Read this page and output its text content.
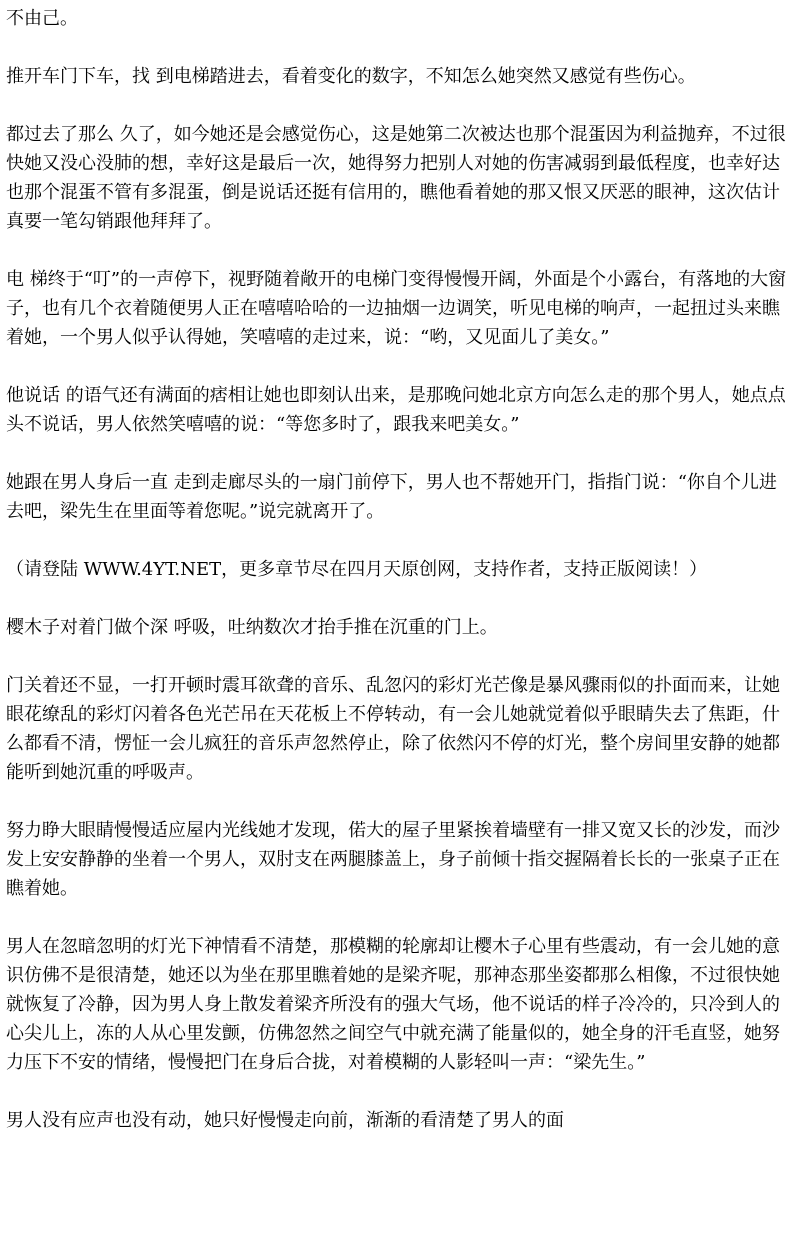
不由己。

推开车门下车，找 到电梯踏进去，看着变化的数字，不知怎么她突然又感觉有些伤心。

都过去了那么 久了，如今她还是会感觉伤心，这是她第二次被达也那个混蛋因为利益抛弃，不过很快她又没心没肺的想，幸好这是最后一次，她得努力把别人对她的伤害减弱到最低程度，也幸好达也那个混蛋不管有多混蛋，倒是说话还挺有信用的，瞧他看着她的那又恨又厌恶的眼神，这次估计真要一笔勾销跟他拜拜了。

电 梯终于“叮”的一声停下，视野随着敞开的电梯门变得慢慢开阔，外面是个小露台，有落地的大窗子，也有几个衣着随便男人正在嘻嘻哈哈的一边抽烟一边调笑，听见电梯的响声，一起扭过头来瞧着她，一个男人似乎认得她，笑嘻嘻的走过来，说：“哟，又见面儿了美女。”

他说话 的语气还有满面的痞相让她也即刻认出来，是那晚问她北京方向怎么走的那个男人，她点点头不说话，男人依然笑嘻嘻的说：“等您多时了，跟我来吧美女。”

她跟在男人身后一直 走到走廊尽头的一扇门前停下，男人也不帮她开门，指指门说：“你自个儿进去吧，梁先生在里面等着您呢。”说完就离开了。

（请登陆 WWW.4YT.NET，更多章节尽在四月天原创网，支持作者，支持正版阅读！）

樱木子对着门做个深 呼吸，吐纳数次才抬手推在沉重的门上。

门关着还不显，一打开顿时震耳欲聋的音乐、乱忽闪的彩灯光芒像是暴风骤雨似的扑面而来，让她眼花缭乱的彩灯闪着各色光芒吊在天花板上不停转动，有一会儿她就觉着似乎眼睛失去了焦距，什么都看不清，愣怔一会儿疯狂的音乐声忽然停止，除了依然闪不停的灯光，整个房间里安静的她都能听到她沉重的呼吸声。

努力睁大眼睛慢慢适应屋内光线她才发现，偌大的屋子里紧挨着墙壁有一排又宽又长的沙发，而沙发上安安静静的坐着一个男人，双肘支在两腿膝盖上，身子前倾十指交握隔着长长的一张桌子正在瞧着她。

男人在忽暗忽明的灯光下神情看不清楚，那模糊的轮廓却让樱木子心里有些震动，有一会儿她的意识仿佛不是很清楚，她还以为坐在那里瞧着她的是梁齐呢，那神态那坐姿都那么相像，不过很快她就恢复了冷静，因为男人身上散发着梁齐所没有的强大气场，他不说话的样子冷冷的，只冷到人的心尖儿上，冻的人从心里发颤，仿佛忽然之间空气中就充满了能量似的，她全身的汗毛直竖，她努力压下不安的情绪，慢慢把门在身后合拢，对着模糊的人影轻叫一声：“梁先生。”

男人没有应声也没有动，她只好慢慢走向前，渐渐的看清楚了男人的面
